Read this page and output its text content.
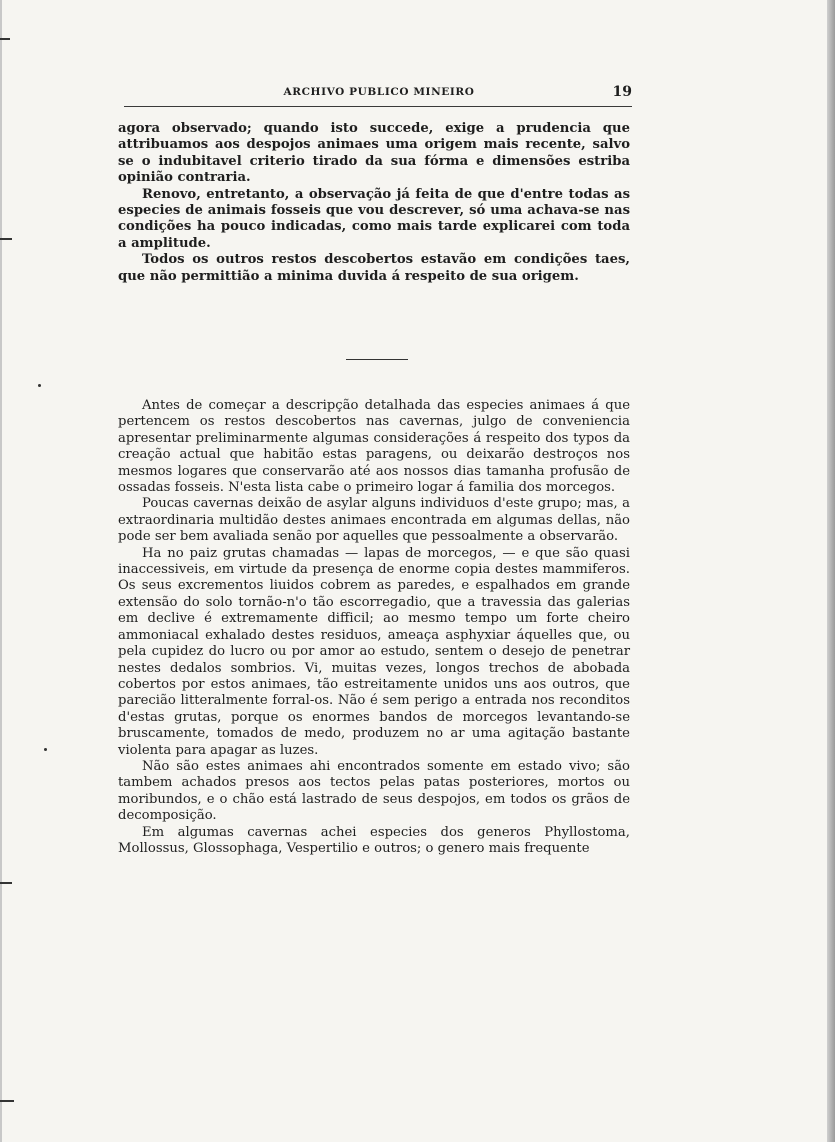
ARCHIVO PUBLICO MINEIRO	19

agora observado; quando isto succede, exige a prudencia que attribuamos aos despojos animaes uma origem mais recente, salvo se o indubitavel criterio tirado da sua fórma e dimensões estriba opinião contraria.

Renovo, entretanto, a observação já feita de que d'entre todas as especies de animais fosseis que vou descrever, só uma achava-se nas condições ha pouco indicadas, como mais tarde explicarei com toda a amplitude.

Todos os outros restos descobertos estavão em condições taes, que não permittião a minima duvida á respeito de sua origem.

Antes de começar a descripção detalhada das especies animaes á que pertencem os restos descobertos nas cavernas, julgo de conveniencia apresentar preliminarmente algumas considerações á respeito dos typos da creação actual que habitão estas paragens, ou deixarão destroços nos mesmos logares que conservarão até aos nossos dias tamanha profusão de ossadas fosseis. N'esta lista cabe o primeiro logar á familia dos morcegos.

Poucas cavernas deixão de asylar alguns individuos d'este grupo; mas, a extraordinaria multidão destes animaes encontrada em algumas dellas, não pode ser bem avaliada senão por aquelles que pessoalmente a observarão.

Ha no paiz grutas chamadas — lapas de morcegos, — e que são quasi inaccessiveis, em virtude da presença de enorme copia destes mammiferos. Os seus excrementos liuidos cobrem as paredes, e espalhados em grande extensão do solo tornão-n'o tão escorregadio, que a travessia das galerias em declive é extremamente difficil; ao mesmo tempo um forte cheiro ammoniacal exhalado destes residuos, ameaça asphyxiar áquelles que, ou pela cupidez do lucro ou por amor ao estudo, sentem o desejo de penetrar nestes dedalos sombrios. Vi, muitas vezes, longos trechos de abobada cobertos por estos animaes, tão estreitamente unidos uns aos outros, que parecião litteralmente forral-os. Não é sem perigo a entrada nos reconditos d'estas grutas, porque os enormes bandos de morcegos levantando-se bruscamente, tomados de medo, produzem no ar uma agitação bastante violenta para apagar as luzes.

Não são estes animaes ahi encontrados somente em estado vivo; são tambem achados presos aos tectos pelas patas posteriores, mortos ou moribundos, e o chão está lastrado de seus despojos, em todos os grãos de decomposição.

Em algumas cavernas achei especies dos generos Phyllostoma, Mollossus, Glossophaga, Vespertilio e outros; o genero mais frequente
